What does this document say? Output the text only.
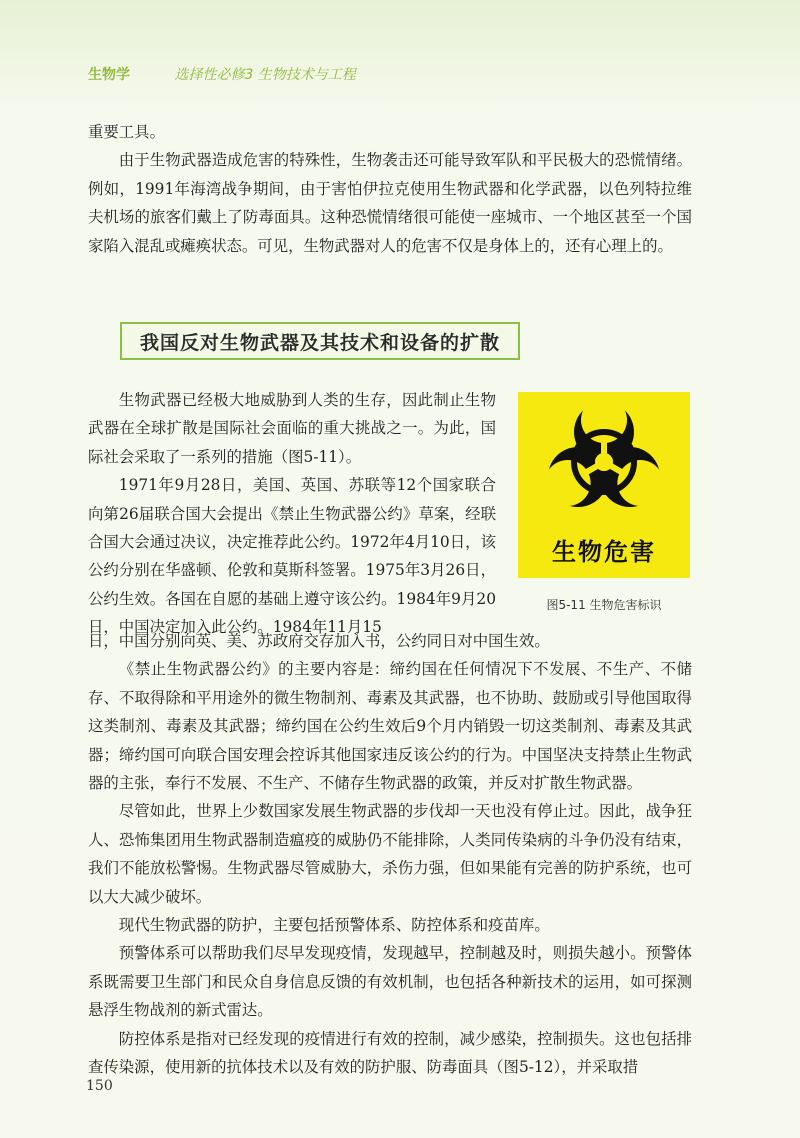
生物学	选择性必修3 生物技术与工程

重要工具。

由于生物武器造成危害的特殊性，生物袭击还可能导致军队和平民极大的恐慌情绪。例如，1991年海湾战争期间，由于害怕伊拉克使用生物武器和化学武器，以色列特拉维夫机场的旅客们戴上了防毒面具。这种恐慌情绪很可能使一座城市、一个地区甚至一个国家陷入混乱或瘫痪状态。可见，生物武器对人的危害不仅是身体上的，还有心理上的。

我国反对生物武器及其技术和设备的扩散

生物武器已经极大地威胁到人类的生存，因此制止生物武器在全球扩散是国际社会面临的重大挑战之一。为此，国际社会采取了一系列的措施（图5-11）。

1971年9月28日，美国、英国、苏联等12个国家联合向第26届联合国大会提出《禁止生物武器公约》草案，经联合国大会通过决议，决定推荐此公约。1972年4月10日，该公约分别在华盛顿、伦敦和莫斯科签署。1975年3月26日，公约生效。各国在自愿的基础上遵守该公约。1984年9月20日，中国决定加入此公约。1984年11月15

生物危害
图5-11 生物危害标识

日，中国分别向英、美、苏政府交存加入书，公约同日对中国生效。

《禁止生物武器公约》的主要内容是：缔约国在任何情况下不发展、不生产、不储存、不取得除和平用途外的微生物制剂、毒素及其武器，也不协助、鼓励或引导他国取得这类制剂、毒素及其武器；缔约国在公约生效后9个月内销毁一切这类制剂、毒素及其武器；缔约国可向联合国安理会控诉其他国家违反该公约的行为。中国坚决支持禁止生物武器的主张，奉行不发展、不生产、不储存生物武器的政策，并反对扩散生物武器。

尽管如此，世界上少数国家发展生物武器的步伐却一天也没有停止过。因此，战争狂人、恐怖集团用生物武器制造瘟疫的威胁仍不能排除，人类同传染病的斗争仍没有结束，我们不能放松警惕。生物武器尽管威胁大，杀伤力强，但如果能有完善的防护系统，也可以大大减少破坏。

现代生物武器的防护，主要包括预警体系、防控体系和疫苗库。

预警体系可以帮助我们尽早发现疫情，发现越早，控制越及时，则损失越小。预警体系既需要卫生部门和民众自身信息反馈的有效机制，也包括各种新技术的运用，如可探测悬浮生物战剂的新式雷达。

防控体系是指对已经发现的疫情进行有效的控制，减少感染，控制损失。这也包括排查传染源，使用新的抗体技术以及有效的防护服、防毒面具（图5-12），并采取措

150
